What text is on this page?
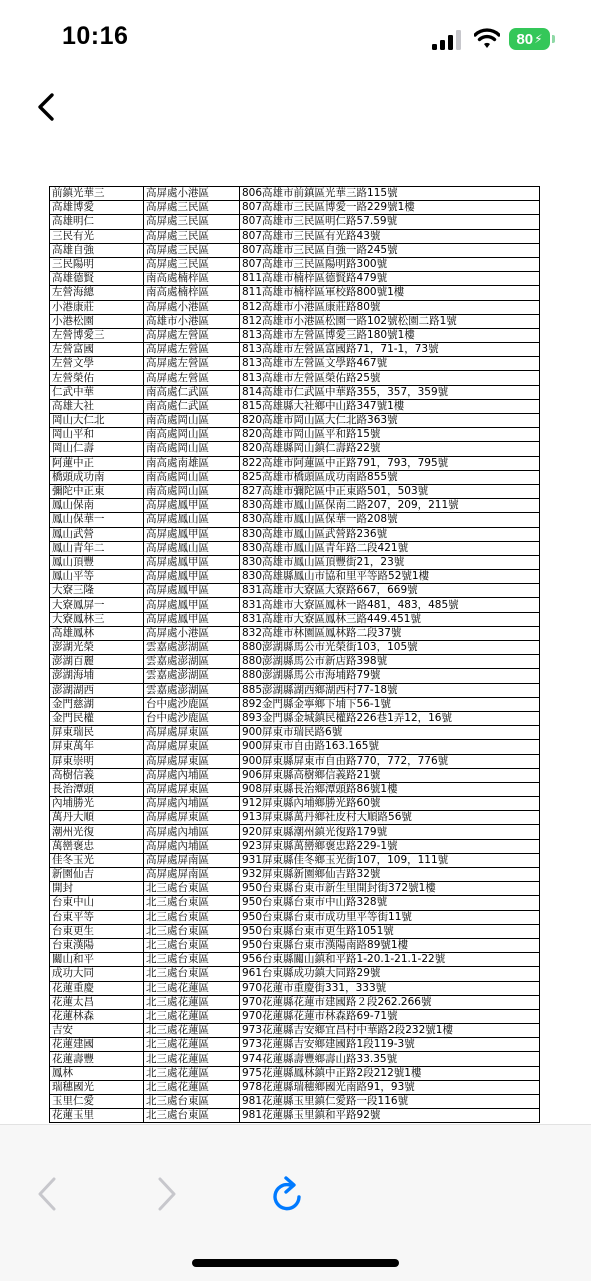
10:16	80 ⚡
前鎮光華三	高屏處小港區	806高雄市前鎮區光華三路115號
高雄博愛	高屏處三民區	807高雄市三民區博愛一路229號1樓
高雄明仁	高屏處三民區	807高雄市三民區明仁路57.59號
三民有光	高屏處三民區	807高雄市三民區有光路43號
高雄自強	高屏處三民區	807高雄市三民區自強一路245號
三民陽明	高屏處三民區	807高雄市三民區陽明路300號
高雄德賢	南高處楠梓區	811高雄市楠梓區德賢路479號
左營海總	南高處楠梓區	811高雄市楠梓區軍校路800號1樓
小港康莊	高屏處小港區	812高雄市小港區康莊路80號
小港松園	高雄市小港區	812高雄市小港區松園一路102號松園二路1號
左營博愛三	高屏處左營區	813高雄市左營區博愛三路180號1樓
左營富國	高屏處左營區	813高雄市左營區富國路71，71-1，73號
左營文學	高屏處左營區	813高雄市左營區文學路467號
左營榮佑	高屏處左營區	813高雄市左營區榮佑路25號
仁武中華	南高處仁武區	814高雄市仁武區中華路355，357，359號
高雄大社	南高處仁武區	815高雄縣大社鄉中山路347號1樓
岡山大仁北	南高處岡山區	820高雄市岡山區大仁北路363號
岡山平和	南高處岡山區	820高雄市岡山區平和路15號
岡山仁壽	南高處岡山區	820高雄縣岡山鎮仁壽路22號
阿蓮中正	南高處南雄區	822高雄市阿蓮區中正路791，793，795號
橋頭成功南	南高處岡山區	825高雄市橋頭區成功南路855號
彌陀中正東	南高處岡山區	827高雄市彌陀區中正東路501，503號
鳳山保南	高屏處鳳甲區	830高雄市鳳山區保南二路207，209，211號
鳳山保華一	高屏處鳳山區	830高雄市鳳山區保華一路208號
鳳山武營	高屏處鳳甲區	830高雄市鳳山區武營路236號
鳳山青年二	高屏處鳳山區	830高雄市鳳山區青年路二段421號
鳳山頂豐	高屏處鳳甲區	830高雄市鳳山區頂豐街21，23號
鳳山平等	高屏處鳳甲區	830高雄縣鳳山市協和里平等路52號1樓
大寮三隆	高屏處鳳甲區	831高雄市大寮區大寮路667，669號
大寮鳳屏一	高屏處鳳甲區	831高雄市大寮區鳳林一路481，483，485號
大寮鳳林三	高屏處鳳甲區	831高雄市大寮區鳳林三路449.451號
高雄鳳林	高屏處小港區	832高雄市林園區鳳林路二段37號
澎湖光榮	雲嘉處澎湖區	880澎湖縣馬公市光榮街103，105號
澎湖百麗	雲嘉處澎湖區	880澎湖縣馬公市新店路398號
澎湖海埔	雲嘉處澎湖區	880澎湖縣馬公市海埔路79號
澎湖湖西	雲嘉處澎湖區	885澎湖縣湖西鄉湖西村77-18號
金門慈湖	台中處沙鹿區	892金門縣金寧鄉下埔下56-1號
金門民權	台中處沙鹿區	893金門縣金城鎮民權路226巷1弄12，16號
屏東瑞民	高屏處屏東區	900屏東市瑞民路6號
屏東萬年	高屏處屏東區	900屏東市自由路163.165號
屏東崇明	高屏處屏東區	900屏東縣屏東市自由路770，772，776號
高樹信義	高屏處內埔區	906屏東縣高樹鄉信義路21號
長治潭頭	高屏處屏東區	908屏東縣長治鄉潭頭路86號1樓
內埔勝光	高屏處內埔區	912屏東縣內埔鄉勝光路60號
萬丹大順	高屏處屏東區	913屏東縣萬丹鄉社皮村大順路56號
潮州光復	高屏處內埔區	920屏東縣潮州鎮光復路179號
萬巒褒忠	高屏處內埔區	923屏東縣萬巒鄉褒忠路229-1號
佳冬玉光	高屏處屏南區	931屏東縣佳冬鄉玉光街107，109，111號
新園仙吉	高屏處屏南區	932屏東縣新園鄉仙吉路32號
開封	北三處台東區	950台東縣台東市新生里開封街372號1樓
台東中山	北三處台東區	950台東縣台東市中山路328號
台東平等	北三處台東區	950台東縣台東市成功里平等街11號
台東更生	北三處台東區	950台東縣台東市更生路1051號
台東漢陽	北三處台東區	950台東縣台東市漢陽南路89號1樓
關山和平	北三處台東區	956台東縣關山鎮和平路1-20.1-21.1-22號
成功大同	北三處台東區	961台東縣成功鎮大同路29號
花蓮重慶	北三處花蓮區	970花蓮市重慶街331，333號
花蓮太昌	北三處花蓮區	970花蓮縣花蓮市建國路２段262.266號
花蓮林森	北三處花蓮區	970花蓮縣花蓮市林森路69-71號
吉安	北三處花蓮區	973花蓮縣吉安鄉宜昌村中華路2段232號1樓
花蓮建國	北三處花蓮區	973花蓮縣吉安鄉建國路1段119-3號
花蓮壽豐	北三處花蓮區	974花蓮縣壽豐鄉壽山路33.35號
鳳林	北三處花蓮區	975花蓮縣鳳林鎮中正路2段212號1樓
瑞穗國光	北三處花蓮區	978花蓮縣瑞穗鄉國光南路91，93號
玉里仁愛	北三處台東區	981花蓮縣玉里鎮仁愛路一段116號
花蓮玉里	北三處台東區	981花蓮縣玉里鎮和平路92號
